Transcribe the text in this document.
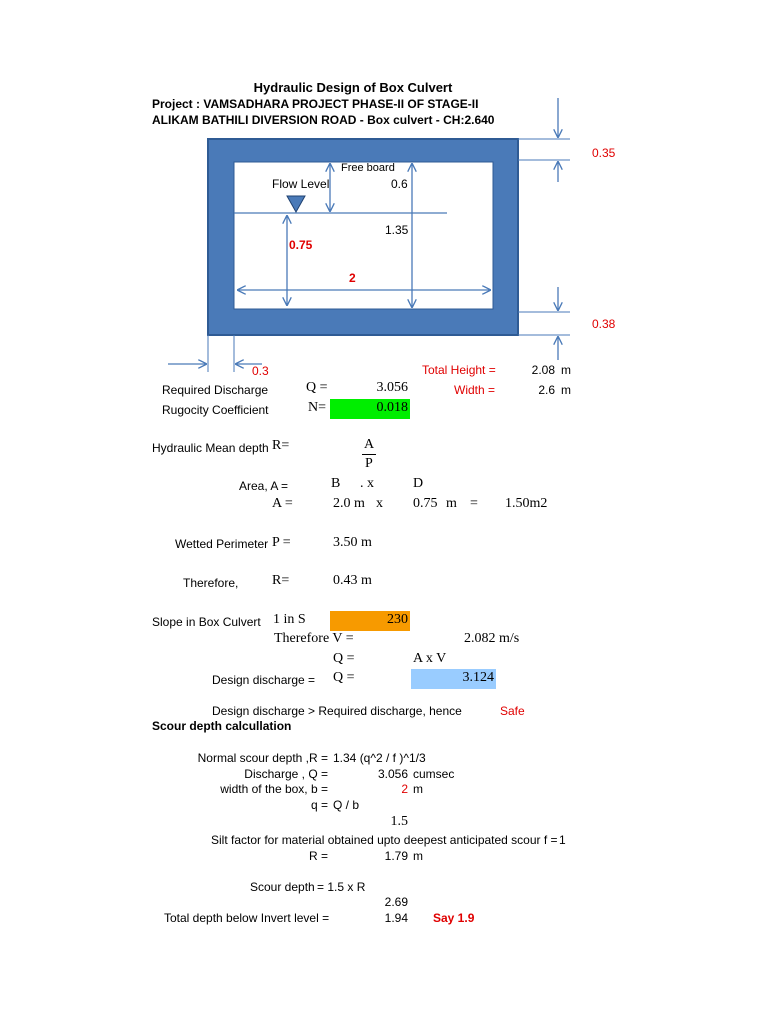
Hydraulic Design of Box Culvert
Project : VAMSADHARA PROJECT PHASE-II OF STAGE-II
ALIKAM BATHILI DIVERSION ROAD - Box culvert - CH:2.640
Free board
Flow Level	0.6
1.35
0.75
2
0.35
0.38
0.3	Total Height =	2.08 m
Width =	2.6 m
Required Discharge	Q =	3.056
Rugocity Coefficient	N=	0.018
Hydraulic Mean depth R=	A
P
Area, A =	B . x	D
A =	2.0 m x 0.75 m = 1.50m2
Wetted Perimeter P =	3.50 m
Therefore, R=	0.43 m
Slope in Box Culvert 1 in S	230
Therefore V =	2.082 m/s
Q =	A x V
Design discharge = Q =	3.124
Design discharge > Required discharge, hence	Safe
Scour depth calcullation
Normal scour depth ,R = 1.34 (q^2 / f )^1/3
Discharge , Q =	3.056 cumsec
width of the box, b =	2 m
q = Q / b
1.5
Silt factor for material obtained upto deepest anticipated scour f = 1
R =	1.79 m
Scour depth = 1.5 x R
2.69
Total depth below Invert level =	1.94 Say 1.9
